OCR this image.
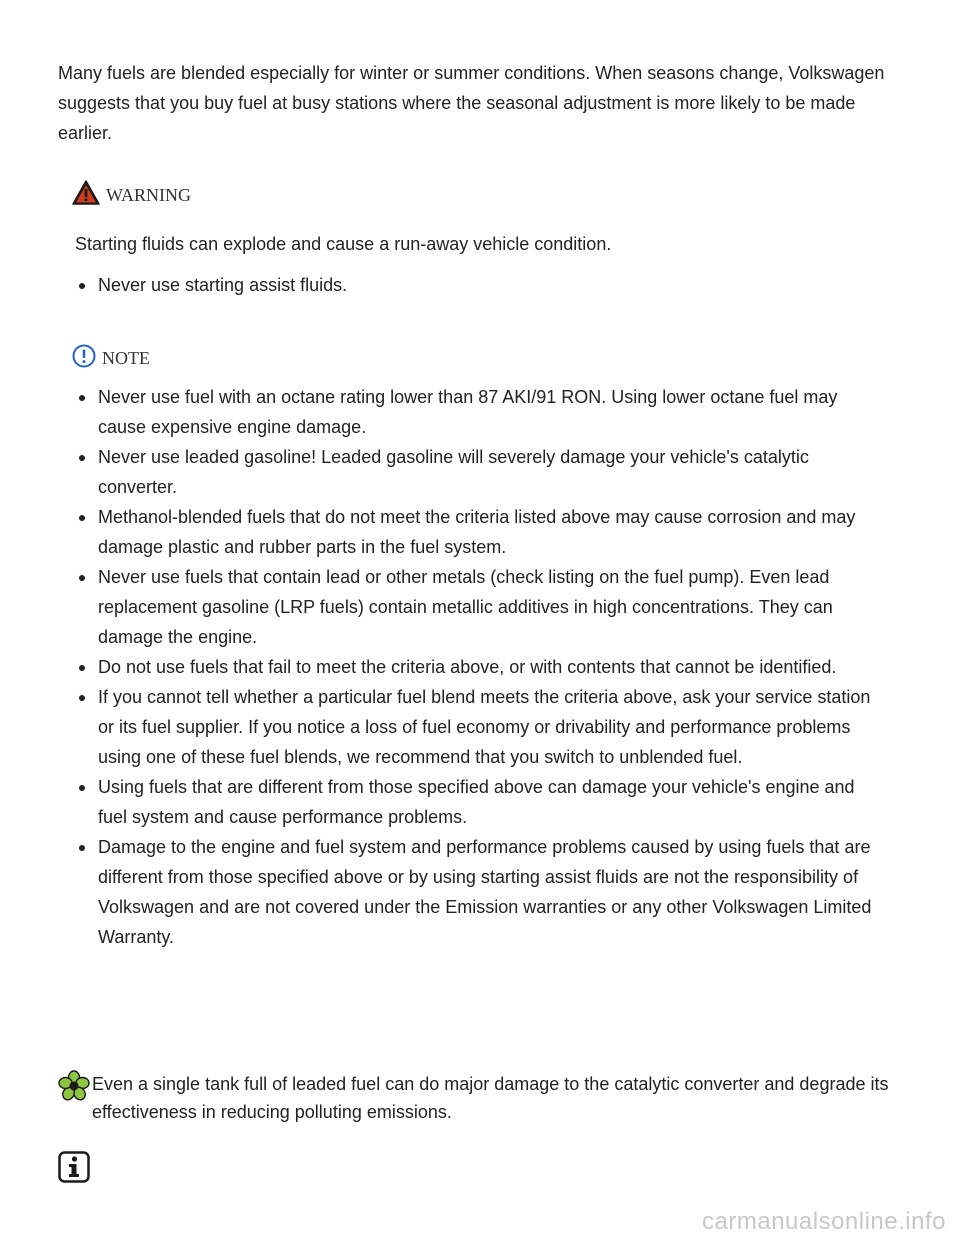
Many fuels are blended especially for winter or summer conditions. When seasons change, Volkswagen suggests that you buy fuel at busy stations where the seasonal adjustment is more likely to be made earlier.

WARNING

Starting fluids can explode and cause a run-away vehicle condition.

Never use starting assist fluids.
NOTE
Never use fuel with an octane rating lower than 87 AKI/91 RON. Using lower octane fuel may cause expensive engine damage.
Never use leaded gasoline! Leaded gasoline will severely damage your vehicle's catalytic converter.
Methanol-blended fuels that do not meet the criteria listed above may cause corrosion and may damage plastic and rubber parts in the fuel system.
Never use fuels that contain lead or other metals (check listing on the fuel pump). Even lead replacement gasoline (LRP fuels) contain metallic additives in high concentrations. They can damage the engine.
Do not use fuels that fail to meet the criteria above, or with contents that cannot be identified.
If you cannot tell whether a particular fuel blend meets the criteria above, ask your service station or its fuel supplier. If you notice a loss of fuel economy or drivability and performance problems using one of these fuel blends, we recommend that you switch to unblended fuel.
Using fuels that are different from those specified above can damage your vehicle's engine and fuel system and cause performance problems.
Damage to the engine and fuel system and performance problems caused by using fuels that are different from those specified above or by using starting assist fluids are not the responsibility of Volkswagen and are not covered under the Emission warranties or any other Volkswagen Limited Warranty.

Even a single tank full of leaded fuel can do major damage to the catalytic converter and degrade its effectiveness in reducing polluting emissions.

carmanualsonline.info
